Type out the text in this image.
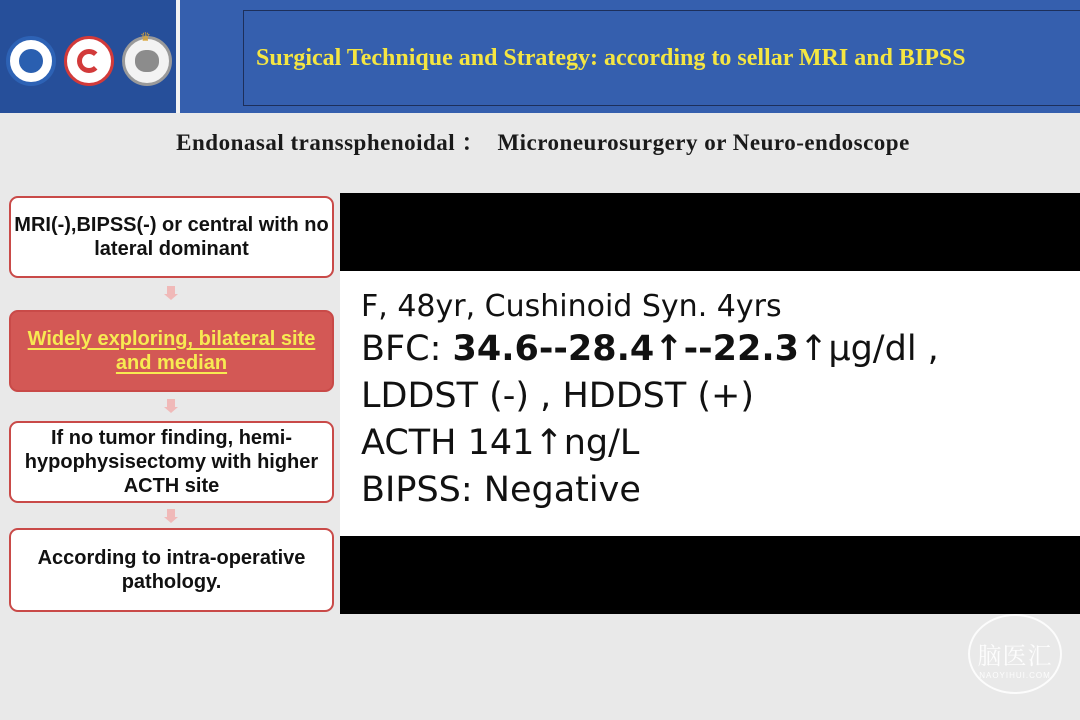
♛
Surgical Technique and Strategy: according to sellar MRI and BIPSS
Endonasal transsphenoidal ：  Microneurosurgery or Neuro-endoscope
MRI(-),BIPSS(-) or central with no lateral dominant
Widely exploring, bilateral site and median
If no tumor finding, hemi-hypophysisectomy with higher ACTH site
According to intra-operative pathology.
F, 48yr, Cushinoid Syn. 4yrs
BFC: 34.6--28.4↑--22.3↑μg/dl ,
LDDST (-) , HDDST (+)
ACTH 141↑ng/L
BIPSS: Negative
脑医汇
NAOYIHUI.COM
